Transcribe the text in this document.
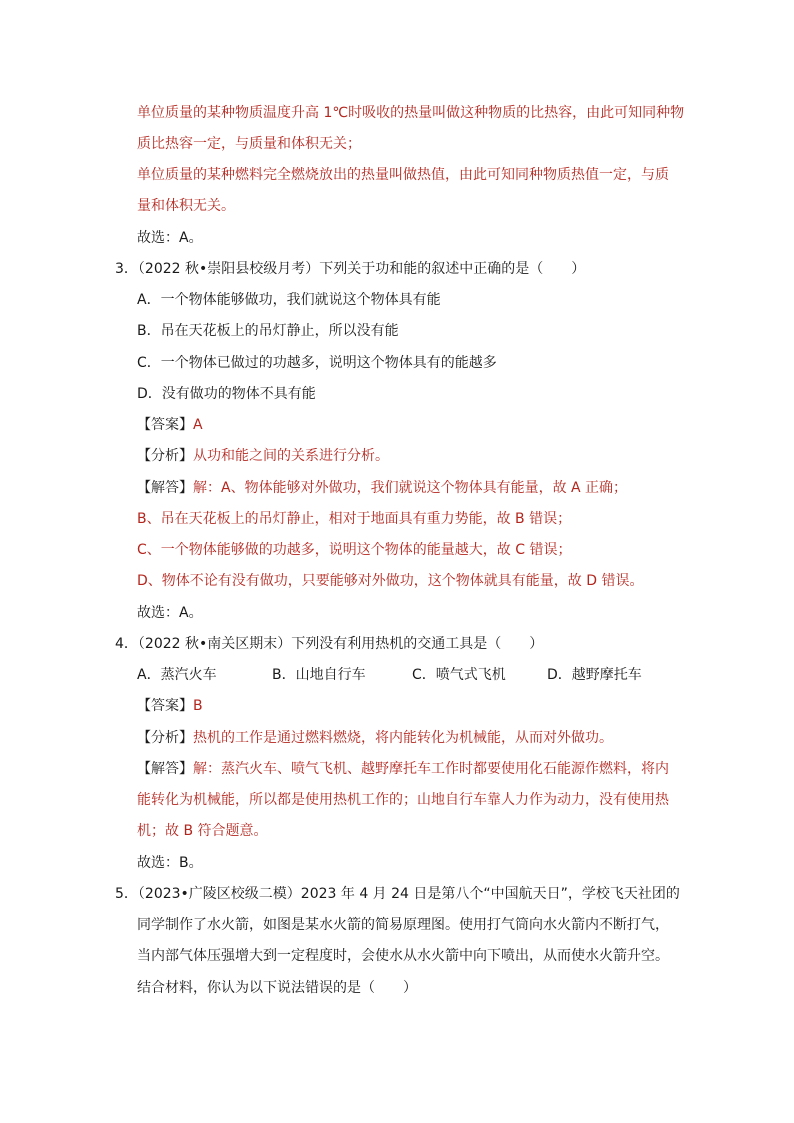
单位质量的某种物质温度升高 1℃时吸收的热量叫做这种物质的比热容，由此可知同种物
质比热容一定，与质量和体积无关；
单位质量的某种燃料完全燃烧放出的热量叫做热值，由此可知同种物质热值一定，与质
量和体积无关。
故选：A。
3．（2022 秋•崇阳县校级月考）下列关于功和能的叙述中正确的是（　　）
A．一个物体能够做功，我们就说这个物体具有能
B．吊在天花板上的吊灯静止，所以没有能
C．一个物体已做过的功越多，说明这个物体具有的能越多
D．没有做功的物体不具有能
【答案】A
【分析】从功和能之间的关系进行分析。
【解答】解：A、物体能够对外做功，我们就说这个物体具有能量，故 A 正确；
B、吊在天花板上的吊灯静止，相对于地面具有重力势能，故 B 错误；
C、一个物体能够做的功越多，说明这个物体的能量越大，故 C 错误；
D、物体不论有没有做功，只要能够对外做功，这个物体就具有能量，故 D 错误。
故选：A。
4．（2022 秋•南关区期末）下列没有利用热机的交通工具是（　　）
A．蒸汽火车	B．山地自行车	C．喷气式飞机	D．越野摩托车
【答案】B
【分析】热机的工作是通过燃料燃烧，将内能转化为机械能，从而对外做功。
【解答】解：蒸汽火车、喷气飞机、越野摩托车工作时都要使用化石能源作燃料，将内
能转化为机械能，所以都是使用热机工作的；山地自行车靠人力作为动力，没有使用热
机；故 B 符合题意。
故选：B。
5．（2023•广陵区校级二模）2023 年 4 月 24 日是第八个“中国航天日”，学校飞天社团的
同学制作了水火箭，如图是某水火箭的简易原理图。使用打气筒向水火箭内不断打气，
当内部气体压强增大到一定程度时，会使水从水火箭中向下喷出，从而使水火箭升空。
结合材料，你认为以下说法错误的是（　　）
